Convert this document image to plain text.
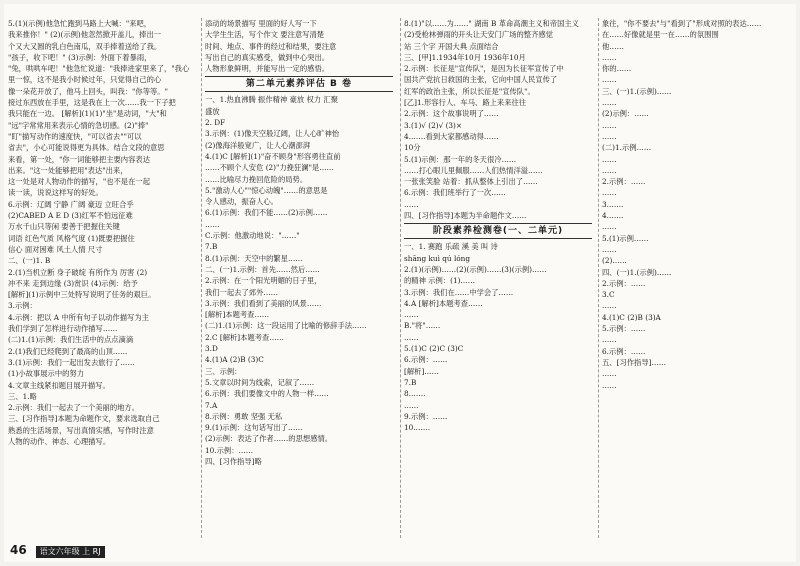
5.(1)(示例)他急忙跑到马路上大喊："来吧，
我来推你！" (2)(示例)他忽然掀开盖儿，捧出一
个又大又圆的乳白色南瓜，双手捧着送给了我。
"孩子，收下吧！" (3)示例：外面下着暴雨，
"兔，哄哄车吧！"他急忙说道："我捧进家里来了，"我心
里一惊，这不是我小时候过年，只觉得自己的心
像一朵花开放了，他马上回头，叫我："你等等。"
接过东西放在手里，这是我在上一次……我一下子把
我只能在一边。 [解析](1)(1)"坐"是动词，"大"和
"远"字常常用来表示心情的急切感。(2)"捧"
"盯"描写动作的速度快，"可以省去""可以
省去"，小心可能说得更为具体。结合文段的意思
来看，第一处，"你一词能够把主要内容表达
出来。"这一处能够把用"表达"出来，
这一处是对人物动作的描写，"也不是在一起
读一读，说说这样写的好处。
6.示例：辽阔 宁静 广阔 豪迈 立旺合乎
(2)CABED A E D (3)红军不怕远征难
万水千山只等闲 要善于把握住关键
词语 红色气质 风格气度 (1)既要把握住
信心 面对困难 风土人情 尺寸
二、(一)1. B
2.(1)当机立断 身子破绽 有所作为 厉害 (2)
冲不来 走到边缘 (3)赏识 (4)示例：给予
[解析](1)示例中三处特写说明了任务的艰巨。
3.示例：
4.示例：把以 A 中所有句子以动作描写为主
我们学到了怎样进行动作描写……
(二)1.(1)示例：我们生活中的点点滴滴
2.(1)我们已经爬到了最高的山顶……
3.(1)示例：我们一起出发去旅行了……
(1)小故事展示中的努力
4.文章主线紧扣题目展开描写。
三、1.略
2.示例：我们一起去了一个美丽的地方。
三、[习作指导]本题为命题作文，要求选取自己
熟悉的生活场景，写出真情实感，写作时注意
人物的动作、神态、心理描写。
添动的场景描写 里面的好人写一下
大学生生活，写个作文 要注意写清楚
时间、地点、事件的经过和结果，要注意
写出自己的真实感受，做到中心突出。
人物形象鲜明，并能写出一定的感悟。
第二单元素养评估 B 卷
一、1.热血沸腾 振作精神 豪放 权力 汇聚
盛放
2. DF
3.示例：(1)像天空般辽阔，让人心旷神怡
(2)像海洋般宽广，让人心潮澎湃
4.(1)C [解析](1)"奋不顾身"形容勇往直前
……不顾个人安危 (2)"力挽狂澜"是……
……比喻尽力挽回危险的局势。
5."激动人心""惊心动魄"……的意思是
令人感动，振奋人心。
6.(1)示例：我们不能……(2)示例……
……
C.示例：他激动地说："……"
7.B
8.(1)示例：天空中的繁星……
二、(一)1.示例：首先……然后……
2.示例：在一个阳光明媚的日子里，
我们一起去了郊外……
3.示例：我们看到了美丽的风景……
[解析]本题考查……
(二)1.(1)示例：这一段运用了比喻的修辞手法……
2.C [解析]本题考查……
3.D
4.(1)A (2)B (3)C
三、示例：
5.文章以时间为线索，记叙了……
6.示例：我们要像文中的人物一样……
7.A
8.示例：勇敢 坚强 无私
9.(1)示例：这句话写出了……
(2)示例：表达了作者……的思想感情。
10.示例：……
四、[习作指导]略
8.(1)"以……为……" 湖南 B 革命高潮主义和帝国主义
(2)受枪林弹雨的开头让天安门广场的整齐感觉
站 三个字 开国大典 点面结合
三、[甲]1.1934年10月 1936年10月
2.示例：长征是"宣传队"，是因为长征军宣传了中
国共产党抗日救国的主张，它向中国人民宣传了
红军的政治主张，所以长征是"宣传队"。
[乙]1.形容行人、车马、路上来来往往
2.示例：这个故事说明了……
3.(1)√ (2)√ (3)×
4.……看到大家都感动得……
10分
5.(1)示例：那一年的冬天很冷……
……打心眼儿里佩服……人们热情洋溢……
一张张笑脸 站着：抓从整体上引出了……
6.示例：我们班举行了一次……
……
四、[习作指导]本题为半命题作文……
阶段素养检测卷(一、二单元)
一、1. 赛跑 乐疏 溪 美 叫 诗
shāng kuì qú lóng
2.(1)(示例)……(2)(示例)……(3)(示例)……
的精神 示例：(1)……
3.示例：我们在……中学会了……
4.A [解析]本题考查……
……
B."将"……
……
5.(1)C (2)C (3)C
6.示例：……
[解析]……
7.B
8.……
……
9.示例：……
10.……
象往，"你不要去"与"看到了"形成对照的表达……
在……好像就是里一在……的氛围围
他……
……
你的……
……
三、(一)1.(示例)……
……
(2)示例：……
……
……
(二)1.示例……
……
……
2.示例：……
……
3.……
4.……
……
5.(1)示例……
……
(2)……
四、(一)1.(示例)……
2.示例：……
3.C
……
4.(1)C (2)B (3)A
5.示例：……
……
6.示例：……
五、[习作指导]……
……
……
46 语文六年级 上 RJ
